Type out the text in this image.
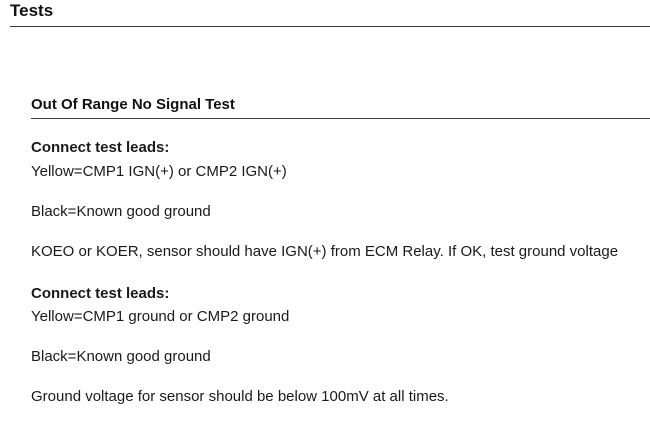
Tests
Out Of Range No Signal Test
Connect test leads:
Yellow=CMP1 IGN(+) or CMP2 IGN(+)
Black=Known good ground
KOEO or KOER, sensor should have IGN(+) from ECM Relay. If OK, test ground voltage
Connect test leads:
Yellow=CMP1 ground or CMP2 ground
Black=Known good ground
Ground voltage for sensor should be below 100mV at all times.
